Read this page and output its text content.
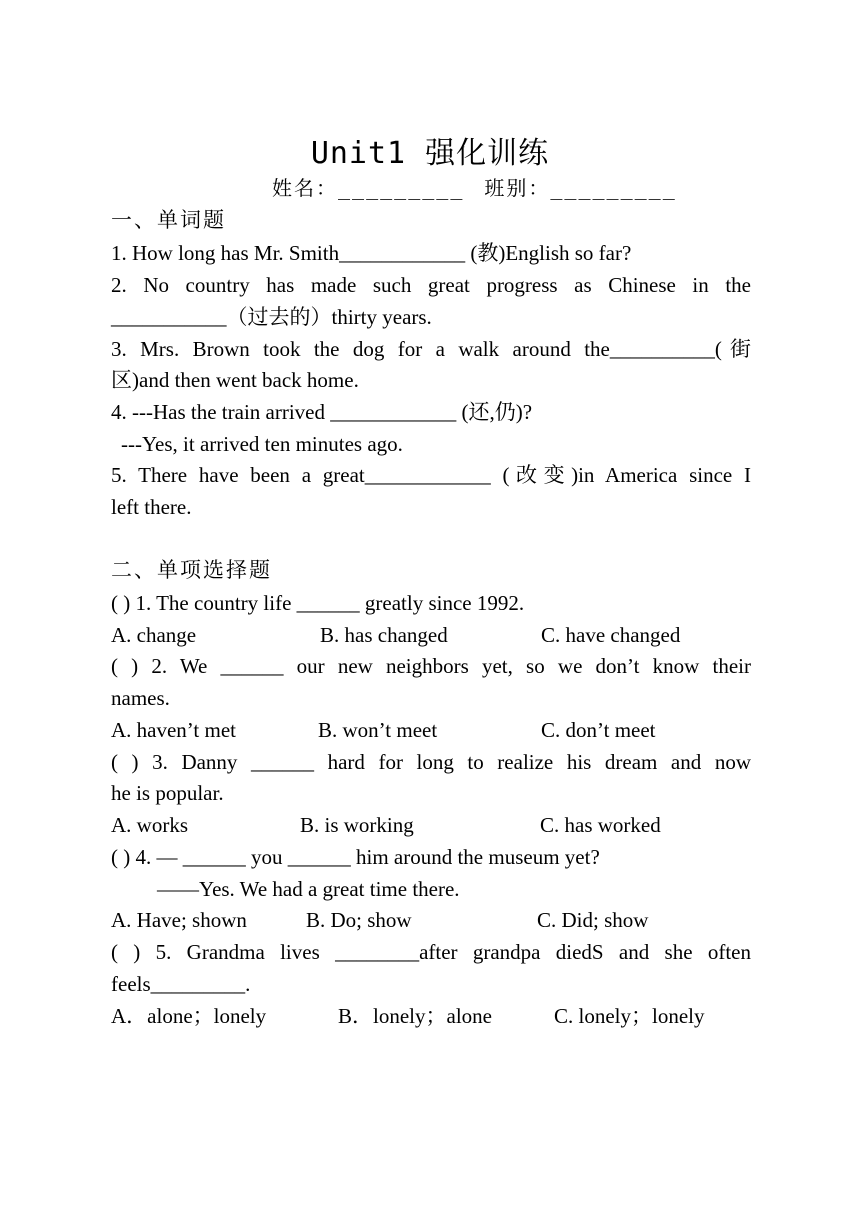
Unit1 强化训练
姓名：_________ 班别：_________
一、单词题
1. How long has Mr. Smith____________ (教)English so far?
2. No country has made such great progress as Chinese in the
___________（过去的）thirty years.
3. Mrs. Brown took the dog for a walk around the__________(街
区)and then went back home.
4. ---Has the train arrived ____________ (还,仍)?
---Yes, it arrived ten minutes ago.
5. There have been a great____________ (改变)in America since I
left there.
二、单项选择题
( ) 1. The country life ______ greatly since 1992.
A. change	B. has changed	C. have changed
( ) 2. We ______ our new neighbors yet, so we don’t know their
names.
A. haven’t met	B. won’t meet	C. don’t meet
( ) 3. Danny ______ hard for long to realize his dream and now
he is popular.
A. works	B. is working	C. has worked
( ) 4. — ______ you ______ him around the museum yet?
——Yes. We had a great time there.
A. Have; shown	B. Do; show	C. Did; show
( ) 5. Grandma lives ________after grandpa diedS and she often
feels_________.
A．alone；lonely	B．lonely；alone	C. lonely；lonely
